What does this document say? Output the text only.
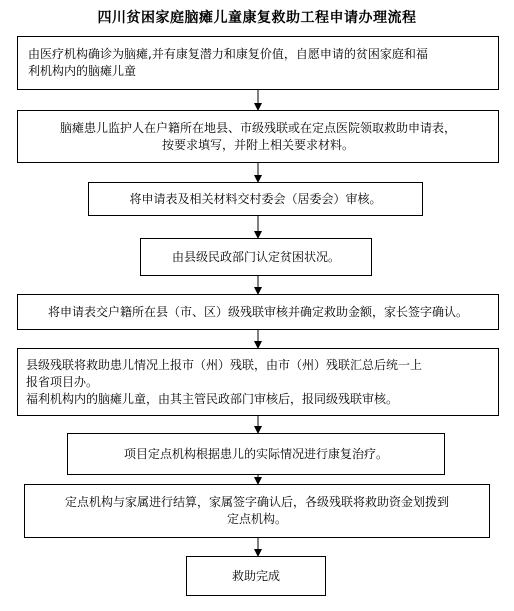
四川贫困家庭脑瘫儿童康复救助工程申请办理流程
由医疗机构确诊为脑瘫,并有康复潜力和康复价值，自愿申请的贫困家庭和福
利机构内的脑瘫儿童
脑瘫患儿监护人在户籍所在地县、市级残联或在定点医院领取救助申请表，
按要求填写，并附上相关要求材料。
将申请表及相关材料交村委会（居委会）审核。
由县级民政部门认定贫困状况。
将申请表交户籍所在县（市、区）级残联审核并确定救助金额，家长签字确认。
县级残联将救助患儿情况上报市（州）残联，由市（州）残联汇总后统一上
报省项目办。
福利机构内的脑瘫儿童，由其主管民政部门审核后，报同级残联审核。
项目定点机构根据患儿的实际情况进行康复治疗。
定点机构与家属进行结算，家属签字确认后，各级残联将救助资金划拨到
定点机构。
救助完成
